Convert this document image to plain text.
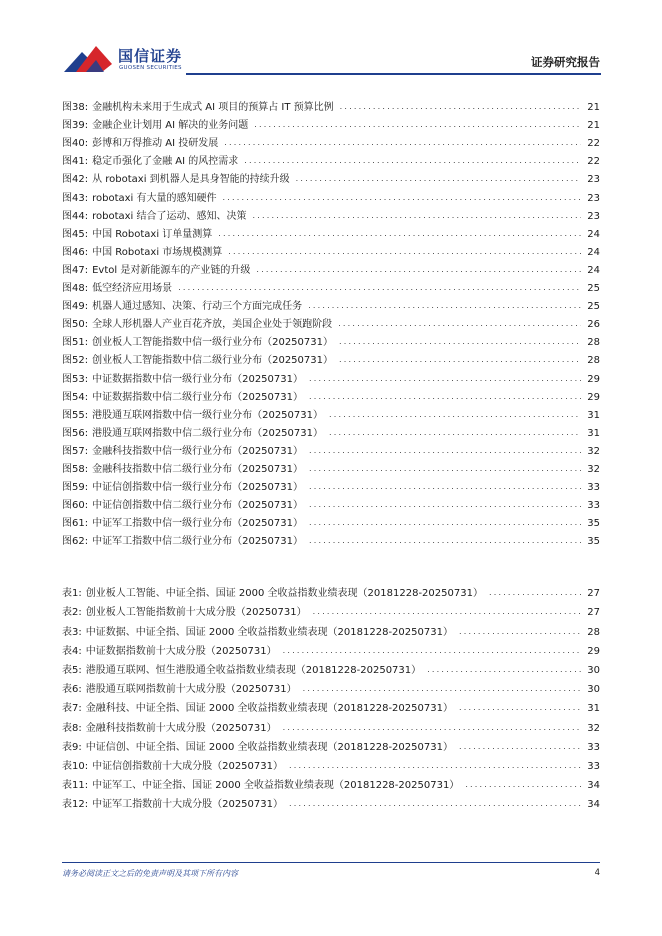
国信证券
GUOSEN SECURITIES	证券研究报告
图38: 金融机构未来用于生成式 AI 项目的预算占 IT 预算比例 .....	21
图39: 金融企业计划用 AI 解决的业务问题 .....	21
图40: 彭博和万得推动 AI 投研发展 .....	22
图41: 稳定币强化了金融 AI 的风控需求 .....	22
图42: 从 robotaxi 到机器人是具身智能的持续升级 .....	23
图43: robotaxi 有大量的感知硬件 .....	23
图44: robotaxi 结合了运动、感知、决策 .....	23
图45: 中国 Robotaxi 订单量测算 .....	24
图46: 中国 Robotaxi 市场规模测算 .....	24
图47: Evtol 是对新能源车的产业链的升级 .....	24
图48: 低空经济应用场景 .....	25
图49: 机器人通过感知、决策、行动三个方面完成任务 .....	25
图50: 全球人形机器人产业百花齐放，美国企业处于领跑阶段 .....	26
图51: 创业板人工智能指数中信一级行业分布（20250731） .....	28
图52: 创业板人工智能指数中信二级行业分布（20250731） .....	28
图53: 中证数据指数中信一级行业分布（20250731） .....	29
图54: 中证数据指数中信二级行业分布（20250731） .....	29
图55: 港股通互联网指数中信一级行业分布（20250731） .....	31
图56: 港股通互联网指数中信二级行业分布（20250731） .....	31
图57: 金融科技指数中信一级行业分布（20250731） .....	32
图58: 金融科技指数中信二级行业分布（20250731） .....	32
图59: 中证信创指数中信一级行业分布（20250731） .....	33
图60: 中证信创指数中信二级行业分布（20250731） .....	33
图61: 中证军工指数中信一级行业分布（20250731） .....	35
图62: 中证军工指数中信二级行业分布（20250731） .....	35
表1: 创业板人工智能、中证全指、国证 2000 全收益指数业绩表现（20181228-20250731） .....	27
表2: 创业板人工智能指数前十大成分股（20250731） .....	27
表3: 中证数据、中证全指、国证 2000 全收益指数业绩表现（20181228-20250731） .....	28
表4: 中证数据指数前十大成分股（20250731） .....	29
表5: 港股通互联网、恒生港股通全收益指数业绩表现（20181228-20250731） .....	30
表6: 港股通互联网指数前十大成分股（20250731） .....	30
表7: 金融科技、中证全指、国证 2000 全收益指数业绩表现（20181228-20250731） .....	31
表8: 金融科技指数前十大成分股（20250731） .....	32
表9: 中证信创、中证全指、国证 2000 全收益指数业绩表现（20181228-20250731） .....	33
表10: 中证信创指数前十大成分股（20250731） .....	33
表11: 中证军工、中证全指、国证 2000 全收益指数业绩表现（20181228-20250731） .....	34
表12: 中证军工指数前十大成分股（20250731） .....	34
请务必阅读正文之后的免责声明及其项下所有内容	4
